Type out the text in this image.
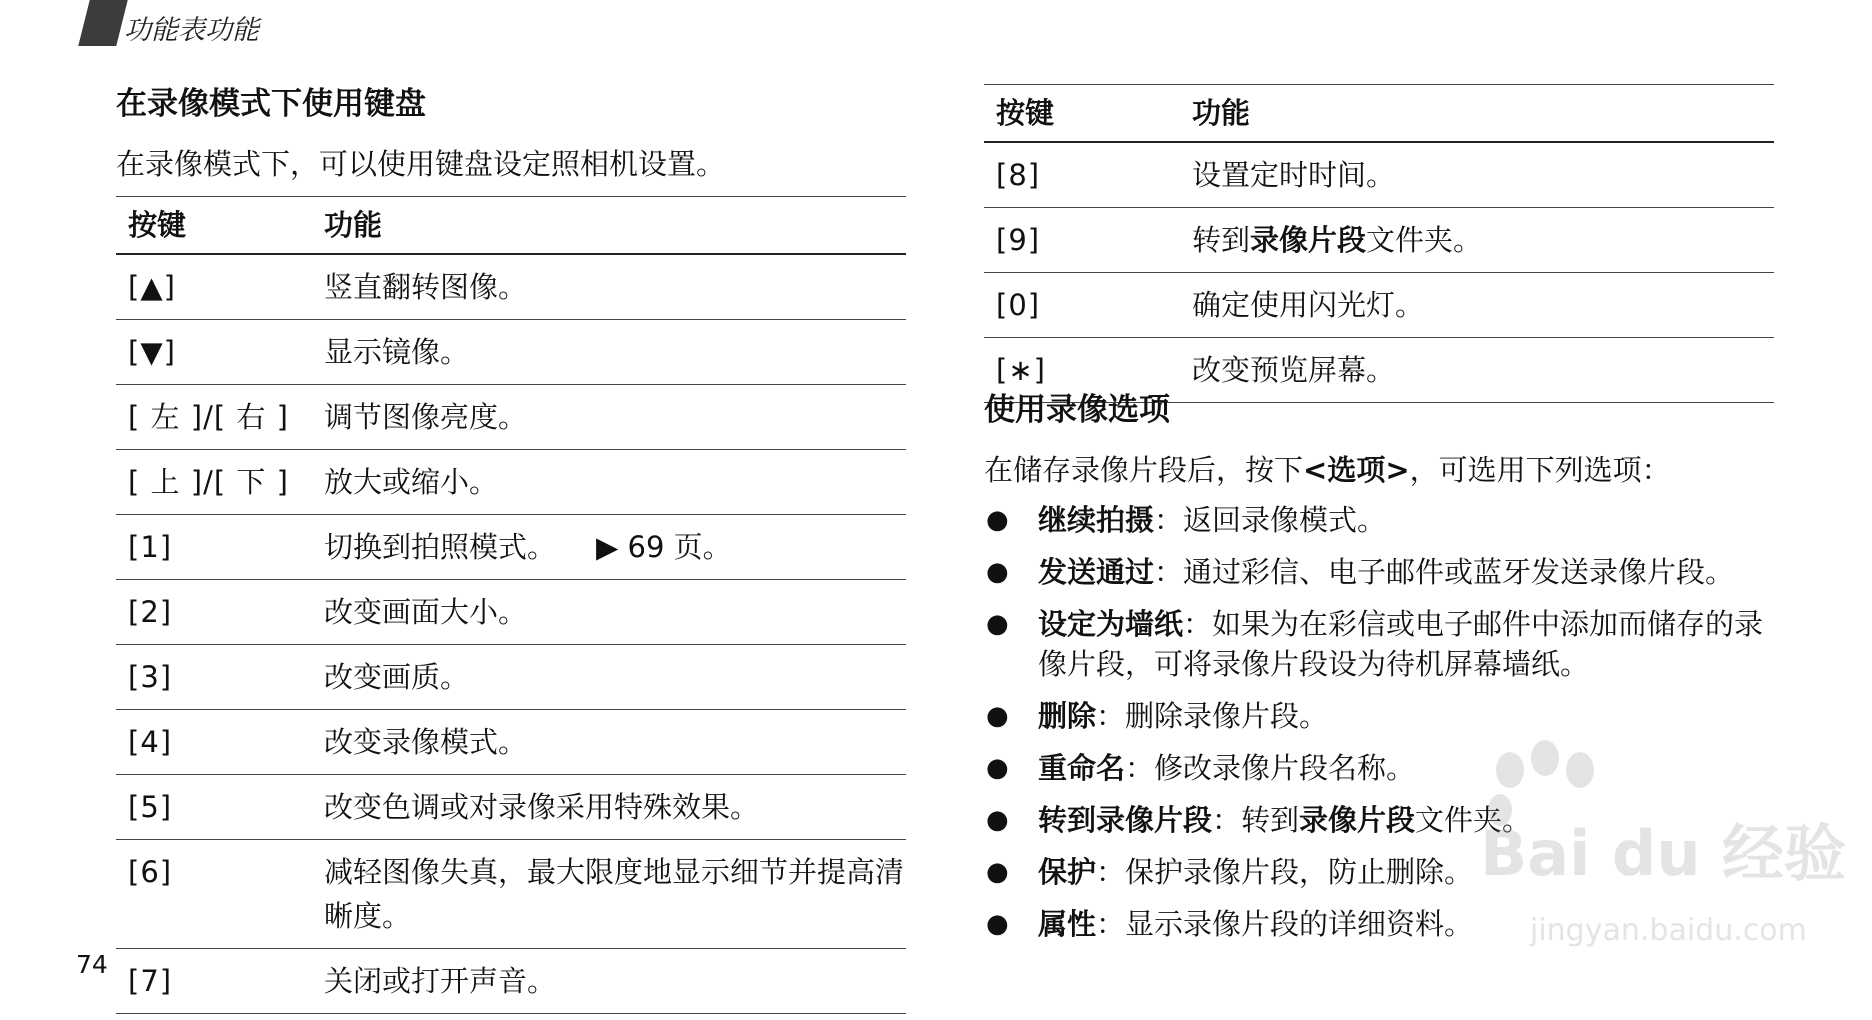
功能表功能
在录像模式下使用键盘
在录像模式下，可以使用键盘设定照相机设置。
按键	功能
[▲]	竖直翻转图像。
[▼]	显示镜像。
[ 左 ]/[ 右 ]	调节图像亮度。
[ 上 ]/[ 下 ]	放大或缩小。
[1]	切换到拍照模式。 ▶ 69 页。
[2]	改变画面大小。
[3]	改变画质。
[4]	改变录像模式。
[5]	改变色调或对录像采用特殊效果。
[6]	减轻图像失真，最大限度地显示细节并提高清晰度。
[7]	关闭或打开声音。
按键	功能
[8]	设置定时时间。
[9]	转到录像片段文件夹。
[0]	确定使用闪光灯。
[∗]	改变预览屏幕。
使用录像选项
在储存录像片段后，按下<选项>，可选用下列选项：
● 继续拍摄：返回录像模式。
● 发送通过：通过彩信、电子邮件或蓝牙发送录像片段。
● 设定为墙纸：如果为在彩信或电子邮件中添加而储存的录像片段，可将录像片段设为待机屏幕墙纸。
● 删除：删除录像片段。
● 重命名：修改录像片段名称。
● 转到录像片段：转到录像片段文件夹。
● 保护：保护录像片段，防止删除。
● 属性：显示录像片段的详细资料。
Bai du 经验
jingyan.baidu.com
74
